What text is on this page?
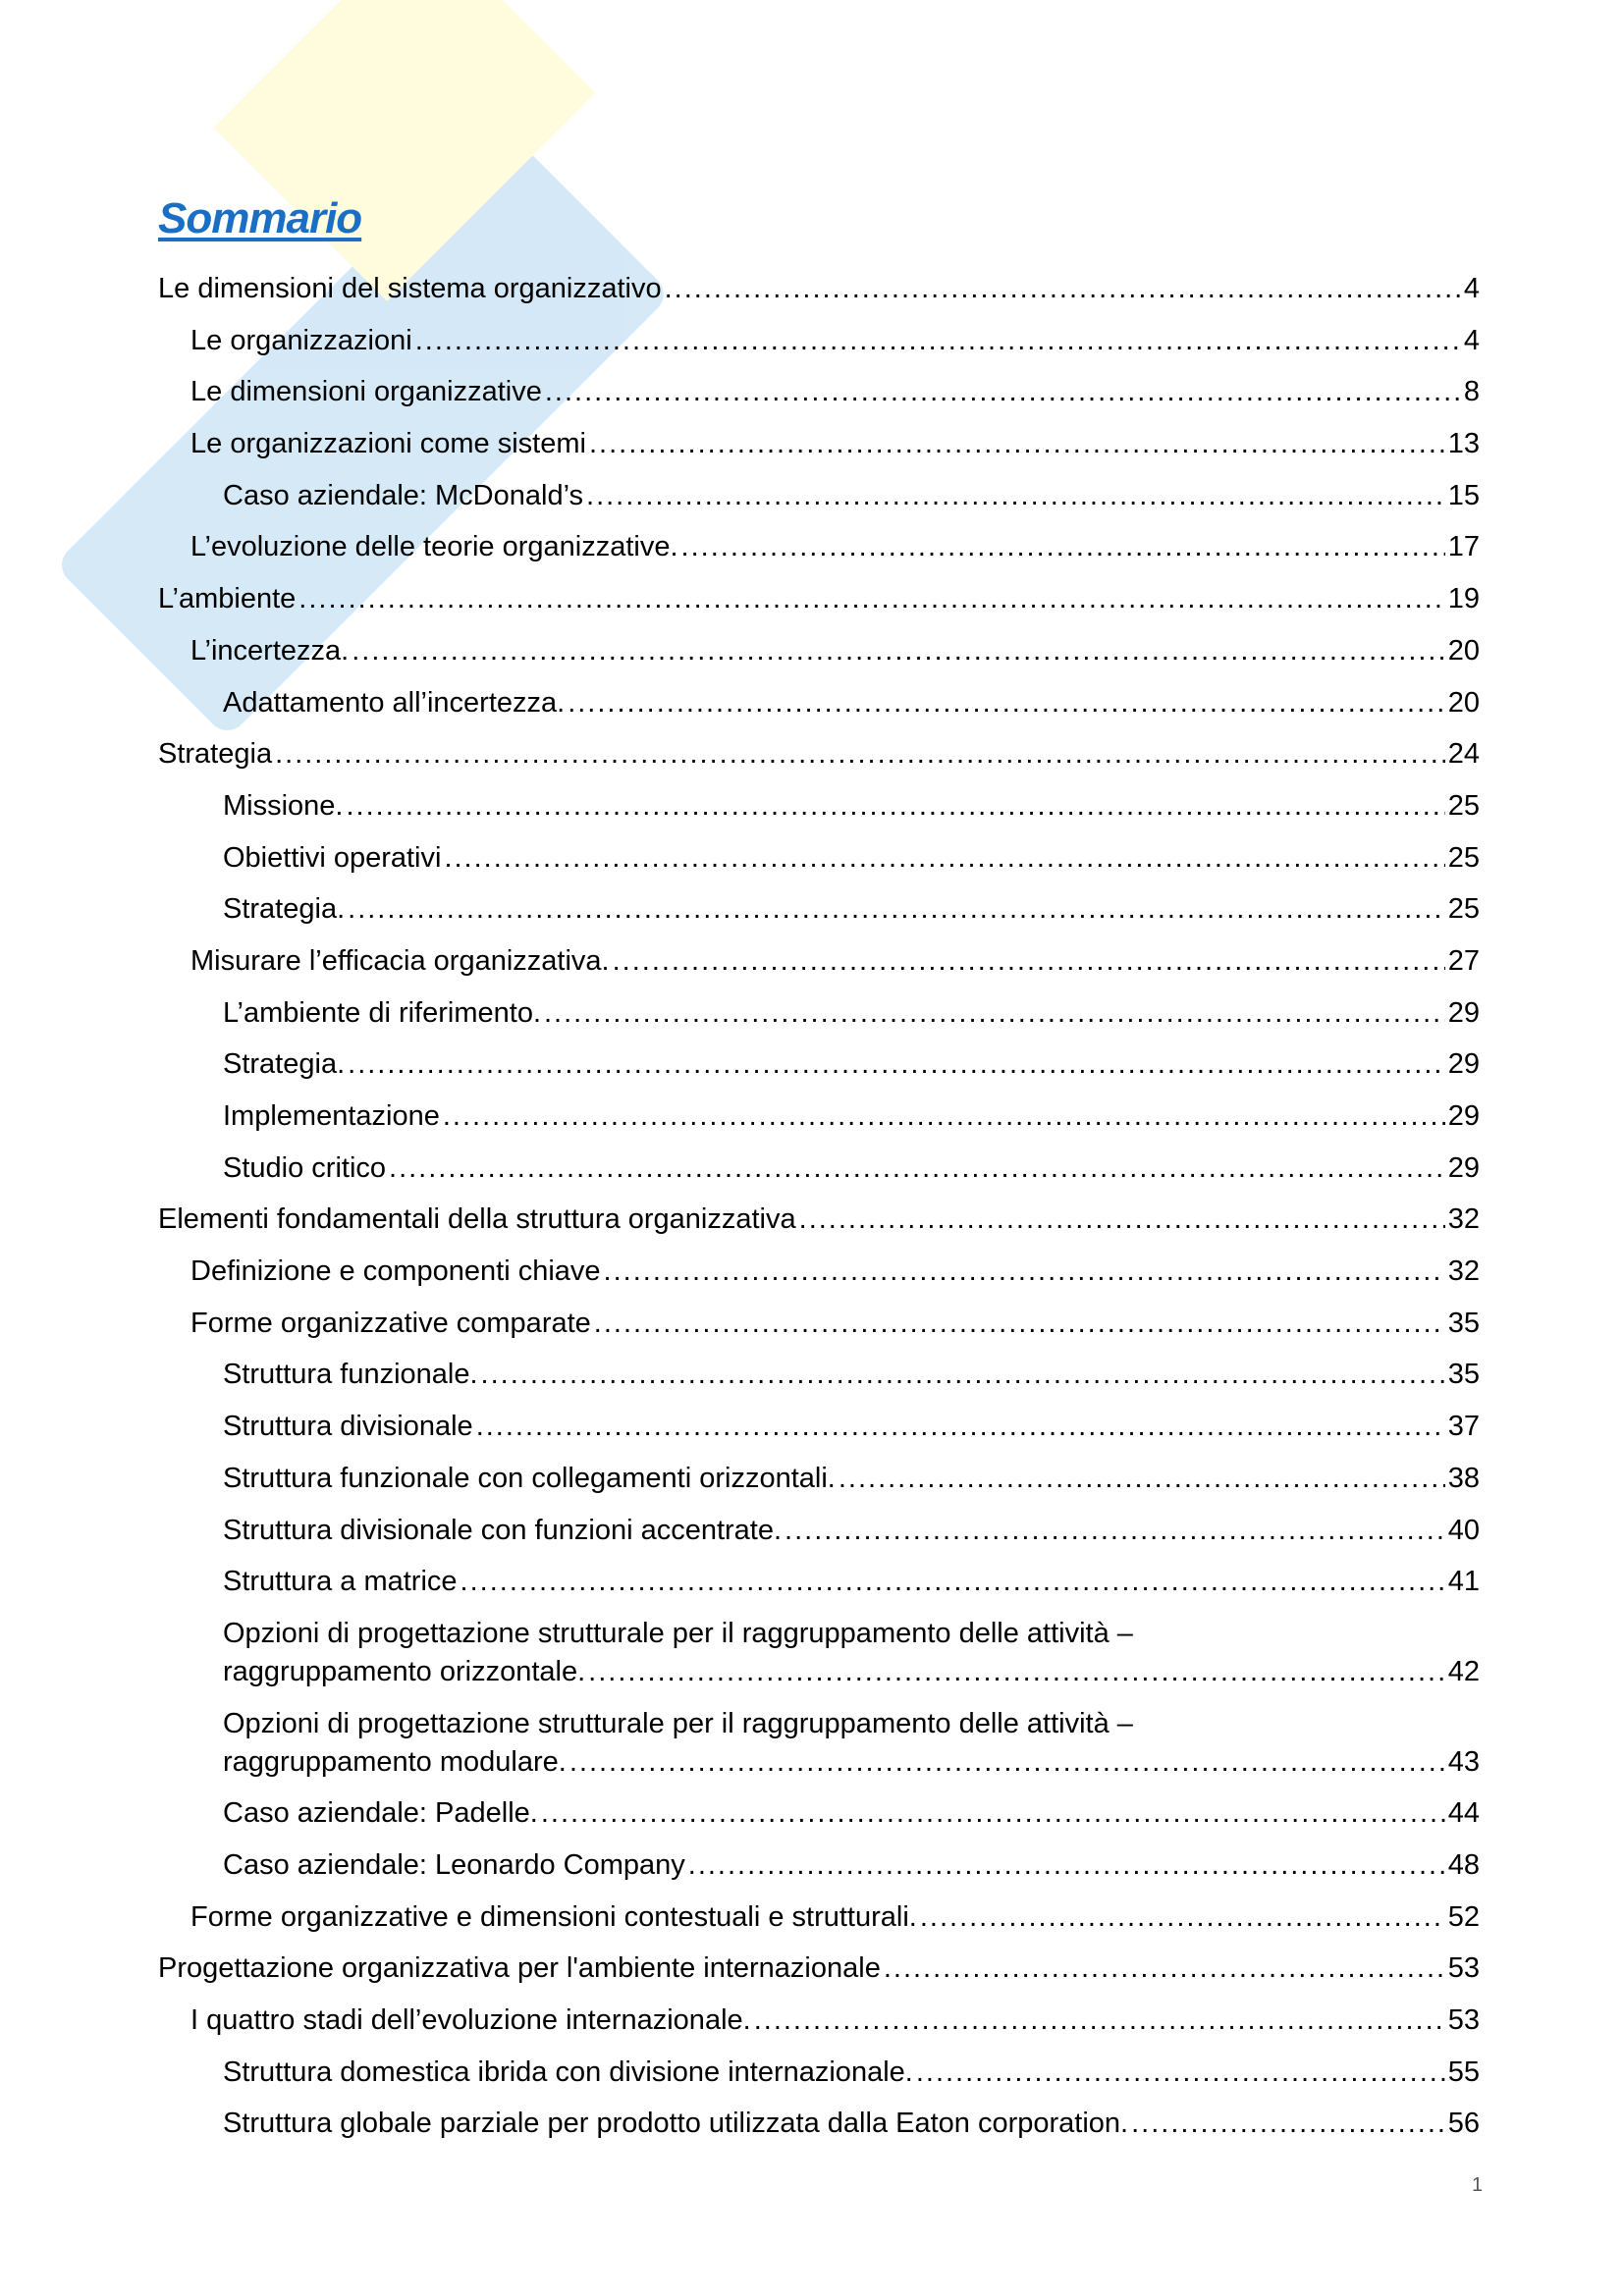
Sommario
Le dimensioni del sistema organizzativo .....	4
Le organizzazioni .....	4
Le dimensioni organizzative .....	8
Le organizzazioni come sistemi .....	13
Caso aziendale: McDonald’s .....	15
L’evoluzione delle teorie organizzative. .....	17
L’ambiente .....	19
L’incertezza. .....	20
Adattamento all’incertezza. .....	20
Strategia .....	24
Missione. .....	25
Obiettivi operativi .....	25
Strategia. .....	25
Misurare l’efficacia organizzativa. .....	27
L’ambiente di riferimento. .....	29
Strategia. .....	29
Implementazione .....	29
Studio critico .....	29
Elementi fondamentali della struttura organizzativa .....	32
Definizione e componenti chiave .....	32
Forme organizzative comparate .....	35
Struttura funzionale. .....	35
Struttura divisionale .....	37
Struttura funzionale con collegamenti orizzontali. .....	38
Struttura divisionale con funzioni accentrate. .....	40
Struttura a matrice .....	41
Opzioni di progettazione strutturale per il raggruppamento delle attività –
raggruppamento orizzontale. .....	42
Opzioni di progettazione strutturale per il raggruppamento delle attività –
raggruppamento modulare. .....	43
Caso aziendale: Padelle. .....	44
Caso aziendale: Leonardo Company .....	48
Forme organizzative e dimensioni contestuali e strutturali. .....	52
Progettazione organizzativa per l'ambiente internazionale .....	53
I quattro stadi dell’evoluzione internazionale. .....	53
Struttura domestica ibrida con divisione internazionale. .....	55
Struttura globale parziale per prodotto utilizzata dalla Eaton corporation. .....	56
1
